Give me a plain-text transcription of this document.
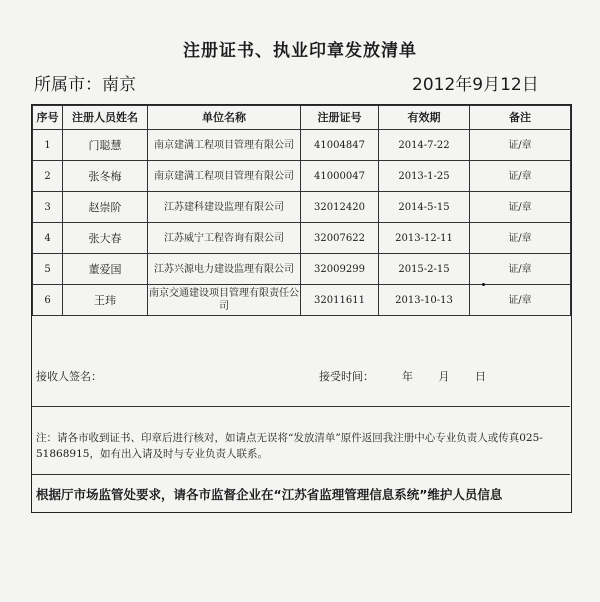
注册证书、执业印章发放清单
所属市：南京	2012年9月12日
序号	注册人员姓名	单位名称	注册证号	有效期	备注
1	门聪慧	南京建满工程项目管理有限公司	41004847	2014-7-22	证/章
2	张冬梅	南京建满工程项目管理有限公司	41000047	2013-1-25	证/章
3	赵崇阶	江苏建科建设监理有限公司	32012420	2014-5-15	证/章
4	张大春	江苏威宁工程咨询有限公司	32007622	2013-12-11	证/章
5	董爱国	江苏兴源电力建设监理有限公司	32009299	2015-2-15	证/章
6	王玮	南京交通建设项目管理有限责任公司	32011611	2013-10-13	证/章
接收人签名：	接受时间：	年 月 日
注：请各市收到证书、印章后进行核对，如请点无误将“发放清单”原件返回我注册中心专业负责人或传真025-51868915，如有出入请及时与专业负责人联系。
根据厅市场监管处要求，请各市监督企业在“江苏省监理管理信息系统”维护人员信息
